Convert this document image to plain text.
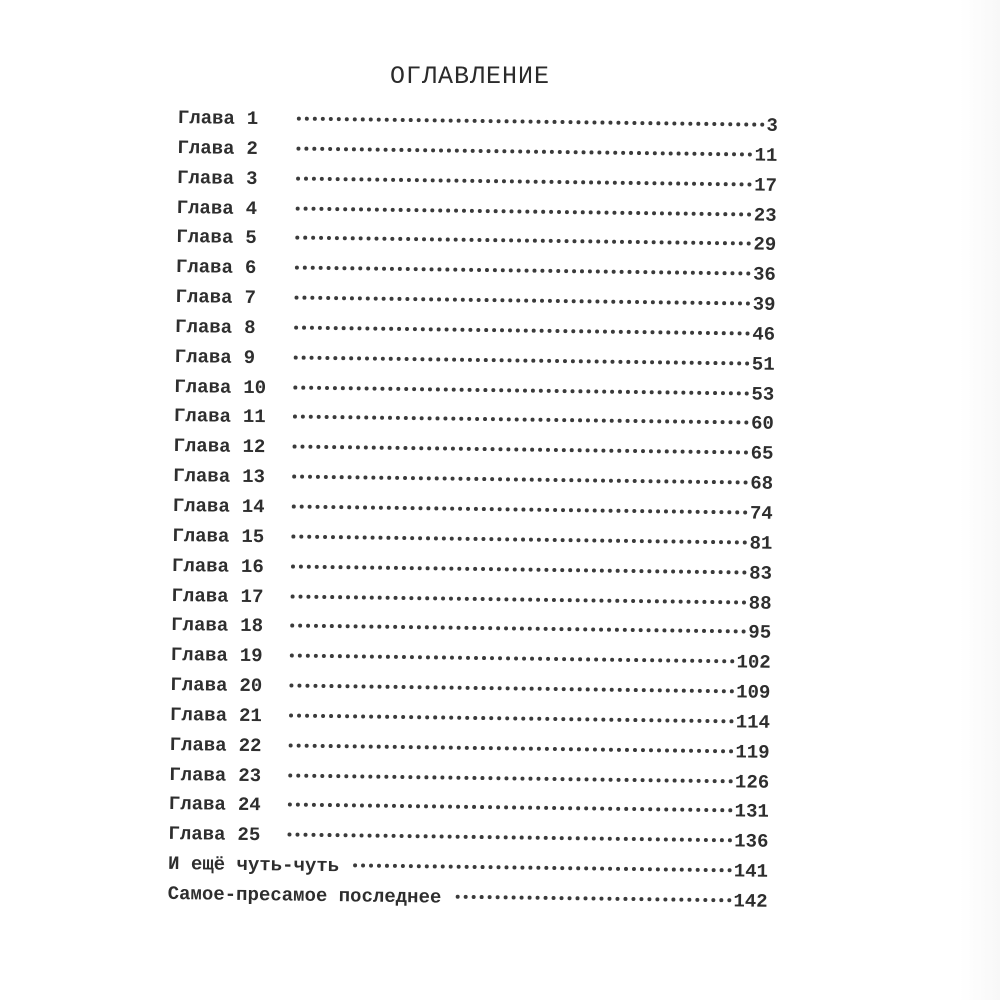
ОГЛАВЛЕНИЕ
Глава 1	3
Глава 2	11
Глава 3	17
Глава 4	23
Глава 5	29
Глава 6	36
Глава 7	39
Глава 8	46
Глава 9	51
Глава 10	53
Глава 11	60
Глава 12	65
Глава 13	68
Глава 14	74
Глава 15	81
Глава 16	83
Глава 17	88
Глава 18	95
Глава 19	102
Глава 20	109
Глава 21	114
Глава 22	119
Глава 23	126
Глава 24	131
Глава 25	136
И ещё чуть-чуть	141
Самое-пресамое последнее	142
